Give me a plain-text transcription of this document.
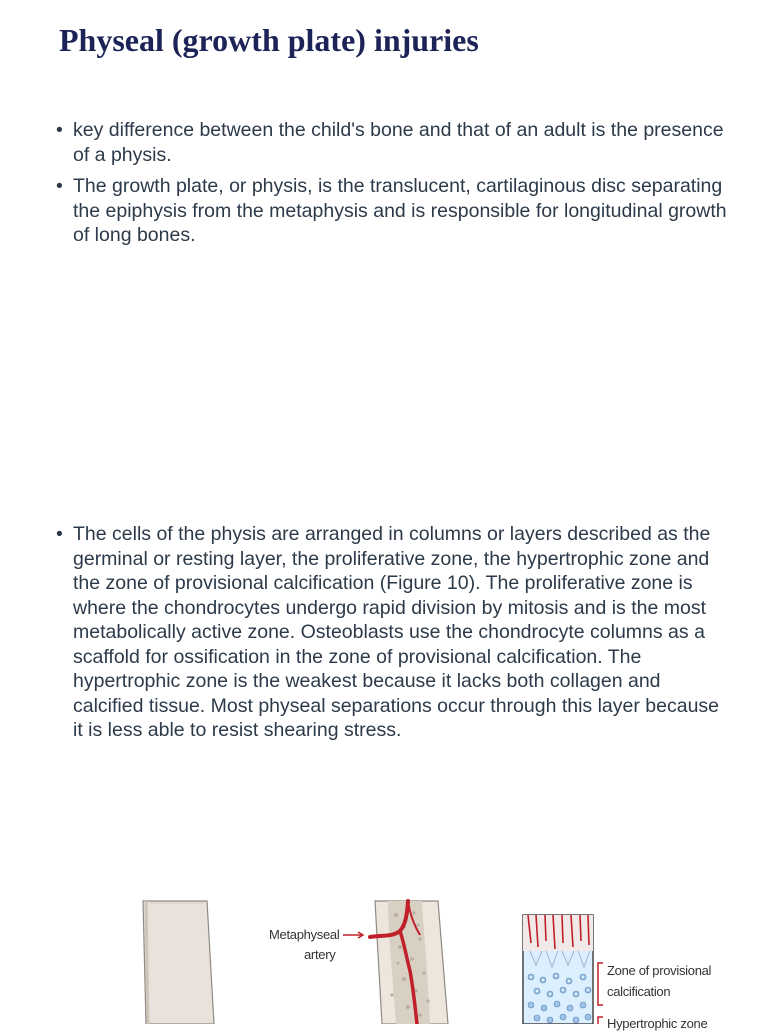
Physeal (growth plate) injuries
• key difference between the child's bone and that of an adult is the presence of a physis.
• The growth plate, or physis, is the translucent, cartilaginous disc separating the epiphysis from the metaphysis and is responsible for longitudinal growth of long bones.
• The cells of the physis are arranged in columns or layers described as the germinal or resting layer, the proliferative zone, the hypertrophic zone and the zone of provisional calcification (Figure 10). The proliferative zone is where the chondrocytes undergo rapid division by mitosis and is the most metabolically active zone. Osteoblasts use the chondrocyte columns as a scaffold for ossification in the zone of provisional calcification. The hypertrophic zone is the weakest because it lacks both collagen and calcified tissue. Most physeal separations occur through this layer because it is less able to resist shearing stress.
Metaphyseal
artery
Zone of provisional
calcification
Hypertrophic zone
